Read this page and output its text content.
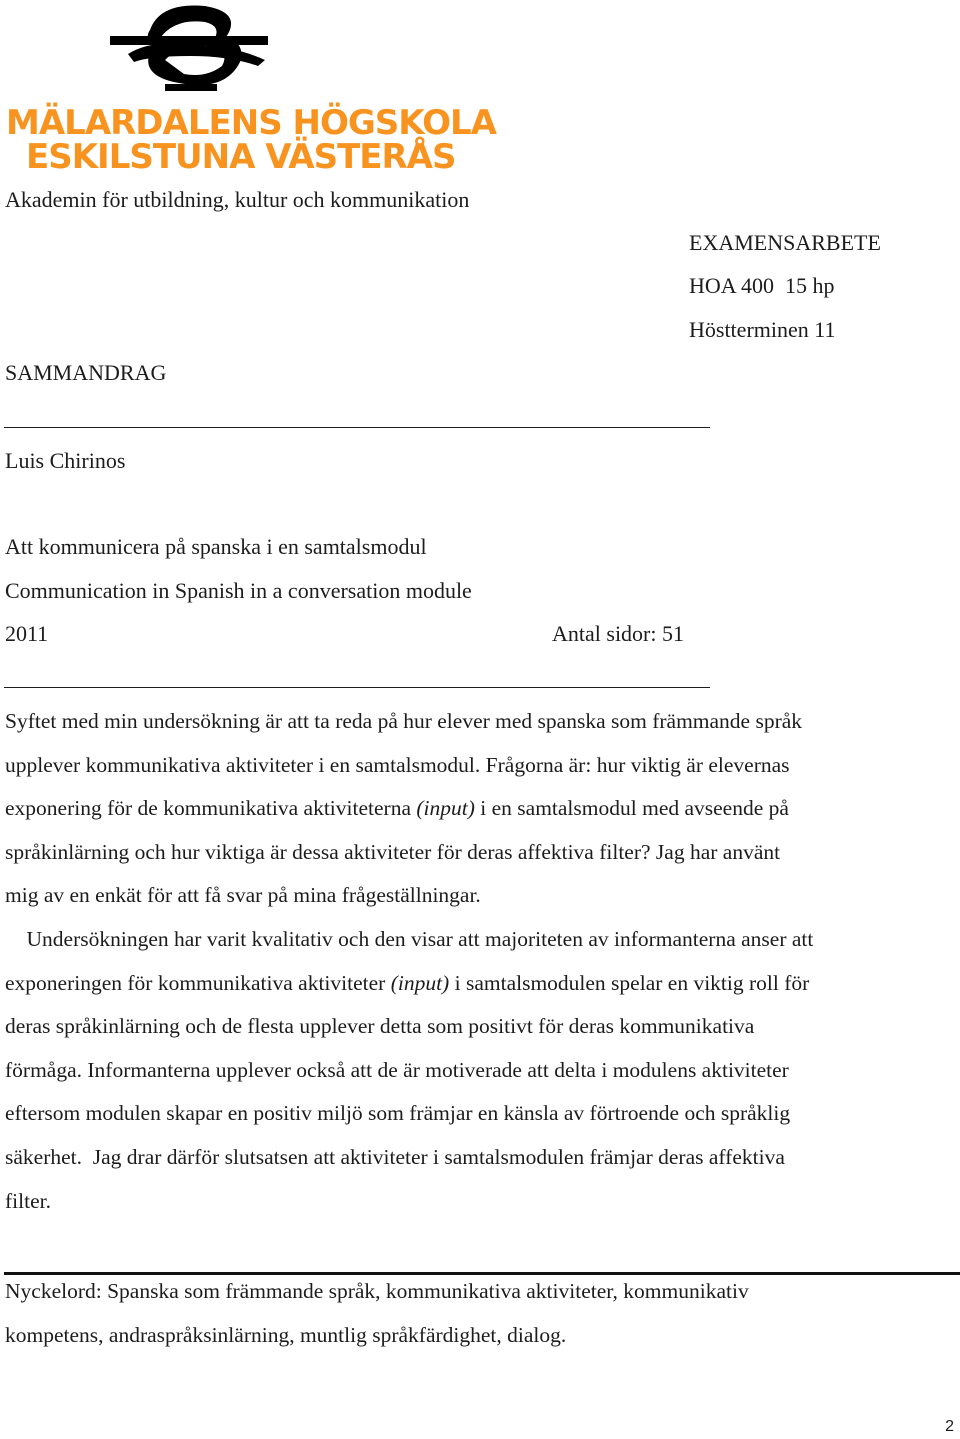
MÄLARDALENS HÖGSKOLA
ESKILSTUNA VÄSTERÅS
Akademin för utbildning, kultur och kommunikation
EXAMENSARBETE
HOA 400  15 hp
Höstterminen 11
SAMMANDRAG
Luis Chirinos
Att kommunicera på spanska i en samtalsmodul
Communication in Spanish in a conversation module
2011	Antal sidor: 51
Syftet med min undersökning är att ta reda på hur elever med spanska som främmande språk
upplever kommunikativa aktiviteter i en samtalsmodul. Frågorna är: hur viktig är elevernas
exponering för de kommunikativa aktiviteterna (input) i en samtalsmodul med avseende på
språkinlärning och hur viktiga är dessa aktiviteter för deras affektiva filter? Jag har använt
mig av en enkät för att få svar på mina frågeställningar.
Undersökningen har varit kvalitativ och den visar att majoriteten av informanterna anser att
exponeringen för kommunikativa aktiviteter (input) i samtalsmodulen spelar en viktig roll för
deras språkinlärning och de flesta upplever detta som positivt för deras kommunikativa
förmåga. Informanterna upplever också att de är motiverade att delta i modulens aktiviteter
eftersom modulen skapar en positiv miljö som främjar en känsla av förtroende och språklig
säkerhet.  Jag drar därför slutsatsen att aktiviteter i samtalsmodulen främjar deras affektiva
filter.
Nyckelord: Spanska som främmande språk, kommunikativa aktiviteter, kommunikativ
kompetens, andraspråksinlärning, muntlig språkfärdighet, dialog.
2
